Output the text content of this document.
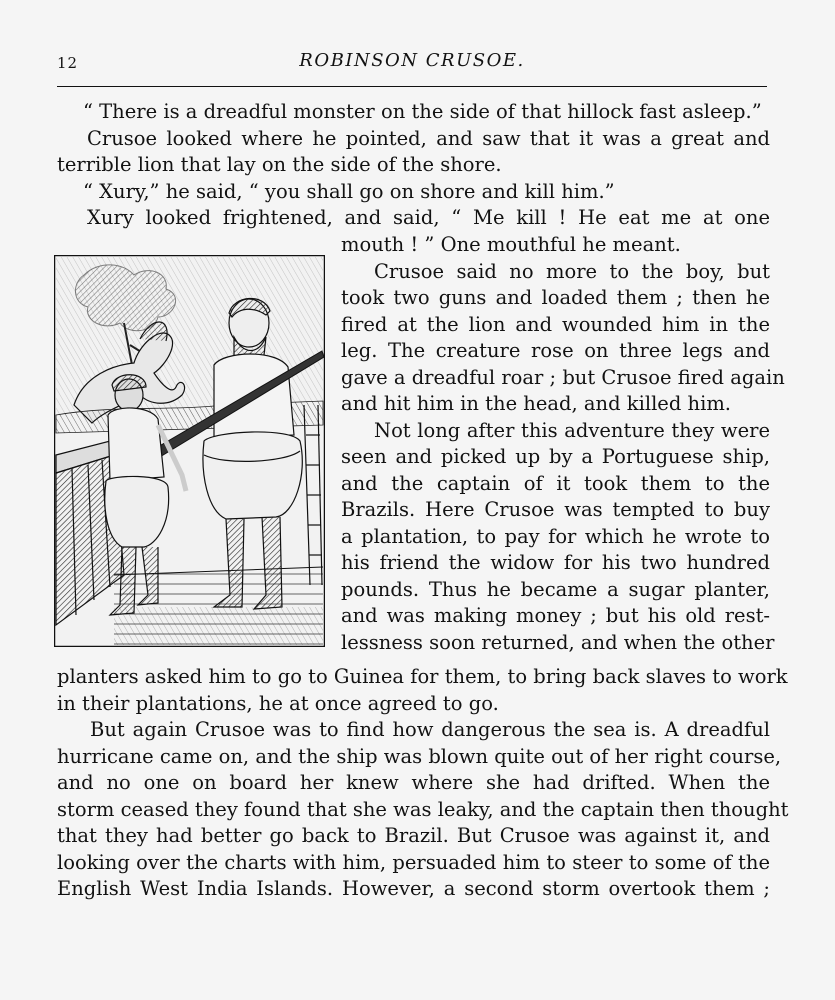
12	ROBINSON CRUSOE.
“ There is a dreadful monster on the side of that hillock fast asleep.”
Crusoe looked where he pointed, and saw that it was a great and
terrible lion that lay on the side of the shore.
“ Xury,” he said, “ you shall go on shore and kill him.”
Xury looked frightened, and said, “ Me kill ! He eat me at one
mouth ! ” One mouthful he meant.
Crusoe said no more to the boy, but
took two guns and loaded them ; then he
fired at the lion and wounded him in the
leg. The creature rose on three legs and
gave a dreadful roar ; but Crusoe fired again
and hit him in the head, and killed him.
Not long after this adventure they were
seen and picked up by a Portuguese ship,
and the captain of it took them to the
Brazils. Here Crusoe was tempted to buy
a plantation, to pay for which he wrote to
his friend the widow for his two hundred
pounds. Thus he became a sugar planter,
and was making money ; but his old rest-
lessness soon returned, and when the other
planters asked him to go to Guinea for them, to bring back slaves to work
in their plantations, he at once agreed to go.
But again Crusoe was to find how dangerous the sea is. A dreadful
hurricane came on, and the ship was blown quite out of her right course,
and no one on board her knew where she had drifted. When the
storm ceased they found that she was leaky, and the captain then thought
that they had better go back to Brazil. But Crusoe was against it, and
looking over the charts with him, persuaded him to steer to some of the
English West India Islands. However, a second storm overtook them ;
